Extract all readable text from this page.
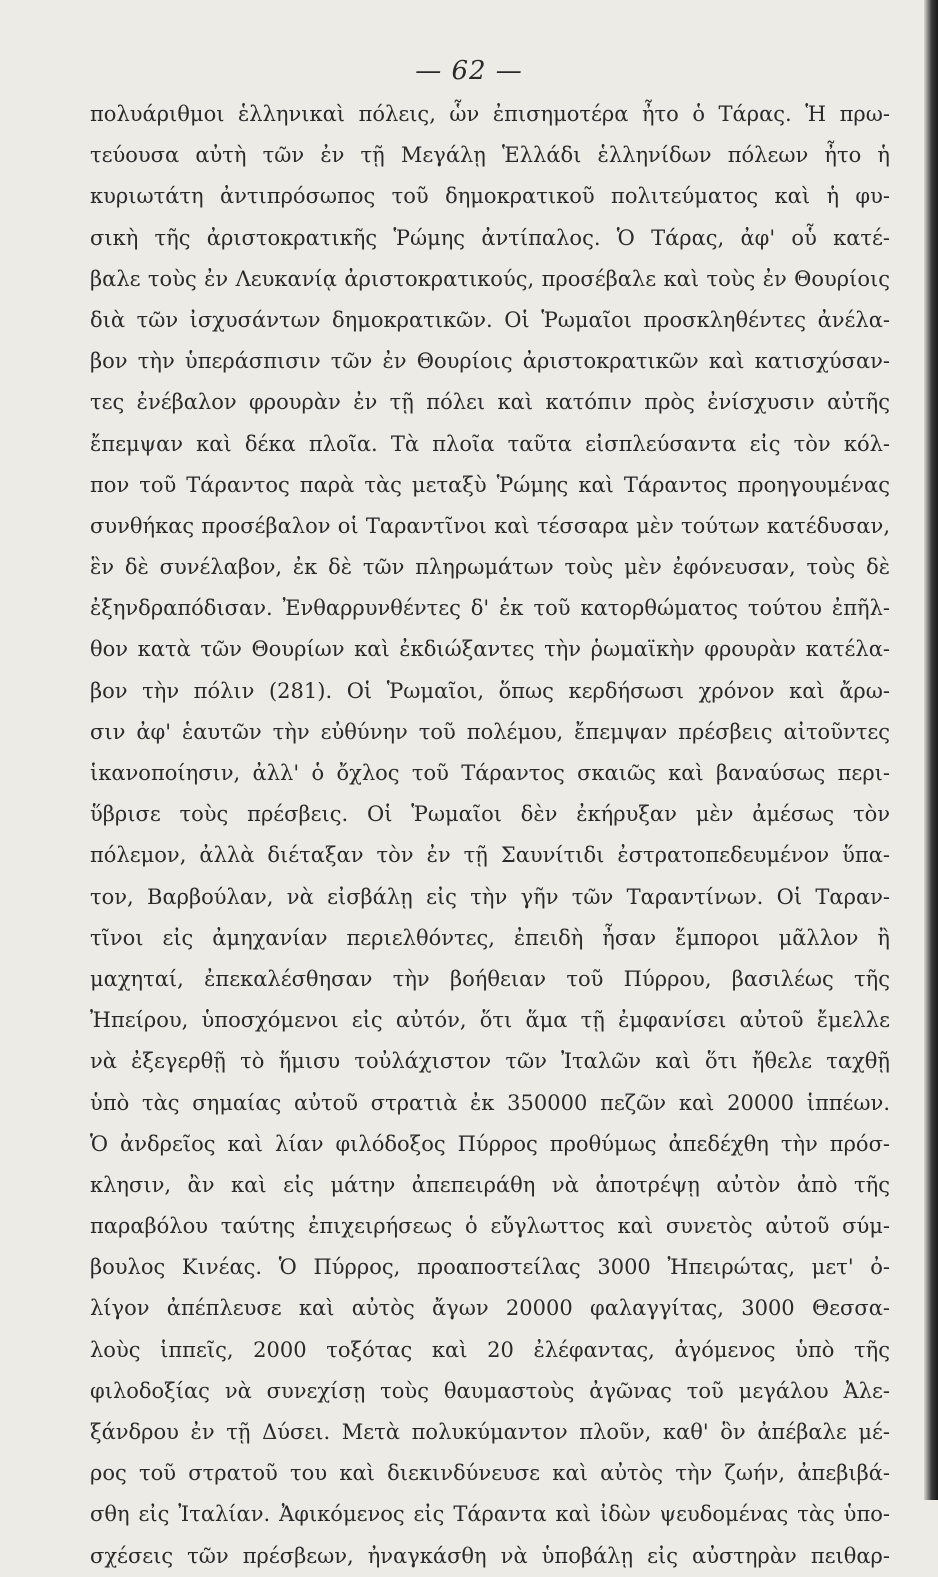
— 62 —
πολυάριθμοι ἑλληνικαὶ πόλεις, ὧν ἐπισημοτέρα ἦτο ὁ Τάρας. Ἡ πρω-
τεύουσα αὐτὴ τῶν ἐν τῇ Μεγάλῃ Ἑλλάδι ἑλληνίδων πόλεων ἦτο ἡ
κυριωτάτη ἀντιπρόσωπος τοῦ δημοκρατικοῦ πολιτεύματος καὶ ἡ φυ-
σικὴ τῆς ἀριστοκρατικῆς Ῥώμης ἀντίπαλος. Ὁ Τάρας, ἀφ' οὗ κατέ-
βαλε τοὺς ἐν Λευκανίᾳ ἀριστοκρατικούς, προσέβαλε καὶ τοὺς ἐν Θουρίοις
διὰ τῶν ἰσχυσάντων δημοκρατικῶν. Οἱ Ῥωμαῖοι προσκληθέντες ἀνέλα-
βον τὴν ὑπεράσπισιν τῶν ἐν Θουρίοις ἀριστοκρατικῶν καὶ κατισχύσαν-
τες ἐνέβαλον φρουρὰν ἐν τῇ πόλει καὶ κατόπιν πρὸς ἐνίσχυσιν αὐτῆς
ἔπεμψαν καὶ δέκα πλοῖα. Τὰ πλοῖα ταῦτα εἰσπλεύσαντα εἰς τὸν κόλ-
πον τοῦ Τάραντος παρὰ τὰς μεταξὺ Ῥώμης καὶ Τάραντος προηγουμένας
συνθήκας προσέβαλον οἱ Ταραντῖνοι καὶ τέσσαρα μὲν τούτων κατέδυσαν,
ἓν δὲ συνέλαβον, ἐκ δὲ τῶν πληρωμάτων τοὺς μὲν ἐφόνευσαν, τοὺς δὲ
ἐξηνδραπόδισαν. Ἐνθαρρυνθέντες δ' ἐκ τοῦ κατορθώματος τούτου ἐπῆλ-
θον κατὰ τῶν Θουρίων καὶ ἐκδιώξαντες τὴν ῥωμαϊκὴν φρουρὰν κατέλα-
βον τὴν πόλιν (281). Οἱ Ῥωμαῖοι, ὅπως κερδήσωσι χρόνον καὶ ἄρω-
σιν ἀφ' ἑαυτῶν τὴν εὐθύνην τοῦ πολέμου, ἔπεμψαν πρέσβεις αἰτοῦντες
ἱκανοποίησιν, ἀλλ' ὁ ὄχλος τοῦ Τάραντος σκαιῶς καὶ βαναύσως περι-
ὕβρισε τοὺς πρέσβεις. Οἱ Ῥωμαῖοι δὲν ἐκήρυξαν μὲν ἀμέσως τὸν
πόλεμον, ἀλλὰ διέταξαν τὸν ἐν τῇ Σαυνίτιδι ἐστρατοπεδευμένον ὕπα-
τον, Βαρβούλαν, νὰ εἰσβάλῃ εἰς τὴν γῆν τῶν Ταραντίνων. Οἱ Ταραν-
τῖνοι εἰς ἀμηχανίαν περιελθόντες, ἐπειδὴ ἦσαν ἔμποροι μᾶλλον ἢ
μαχηταί, ἐπεκαλέσθησαν τὴν βοήθειαν τοῦ Πύρρου, βασιλέως τῆς
Ἠπείρου, ὑποσχόμενοι εἰς αὐτόν, ὅτι ἅμα τῇ ἐμφανίσει αὐτοῦ ἔμελλε
νὰ ἐξεγερθῇ τὸ ἥμισυ τοὐλάχιστον τῶν Ἰταλῶν καὶ ὅτι ἤθελε ταχθῇ
ὑπὸ τὰς σημαίας αὐτοῦ στρατιὰ ἐκ 350000 πεζῶν καὶ 20000 ἱππέων.
Ὁ ἀνδρεῖος καὶ λίαν φιλόδοξος Πύρρος προθύμως ἀπεδέχθη τὴν πρόσ-
κλησιν, ἂν καὶ εἰς μάτην ἀπεπειράθη νὰ ἀποτρέψῃ αὐτὸν ἀπὸ τῆς
παραβόλου ταύτης ἐπιχειρήσεως ὁ εὔγλωττος καὶ συνετὸς αὐτοῦ σύμ-
βουλος Κινέας. Ὁ Πύρρος, προαποστείλας 3000 Ἠπειρώτας, μετ' ὀ-
λίγον ἀπέπλευσε καὶ αὐτὸς ἄγων 20000 φαλαγγίτας, 3000 Θεσσα-
λοὺς ἱππεῖς, 2000 τοξότας καὶ 20 ἐλέφαντας, ἀγόμενος ὑπὸ τῆς
φιλοδοξίας νὰ συνεχίσῃ τοὺς θαυμαστοὺς ἀγῶνας τοῦ μεγάλου Ἀλε-
ξάνδρου ἐν τῇ Δύσει. Μετὰ πολυκύμαντον πλοῦν, καθ' ὃν ἀπέβαλε μέ-
ρος τοῦ στρατοῦ του καὶ διεκινδύνευσε καὶ αὐτὸς τὴν ζωήν, ἀπεβιβά-
σθη εἰς Ἰταλίαν. Ἀφικόμενος εἰς Τάραντα καὶ ἰδὼν ψευδομένας τὰς ὑπο-
σχέσεις τῶν πρέσβεων, ἠναγκάσθη νὰ ὑποβάλῃ εἰς αὐστηρὰν πειθαρ-
